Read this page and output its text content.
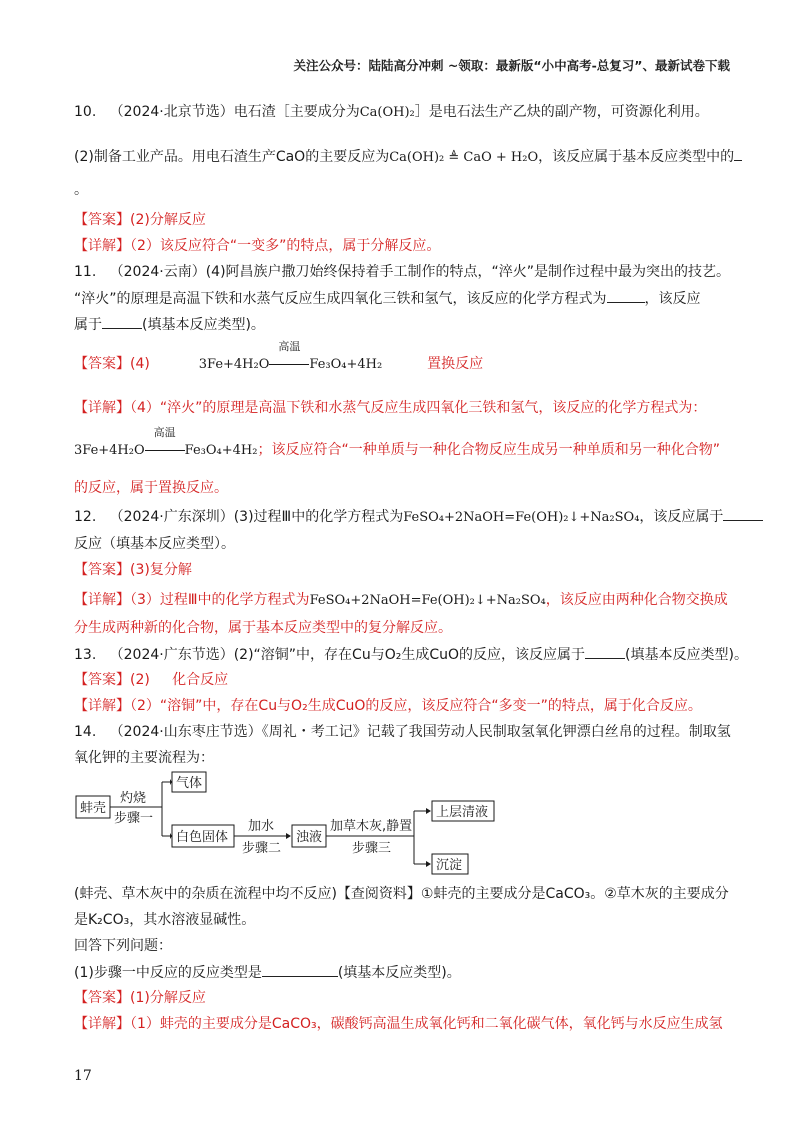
关注公众号：陆陆高分冲刺 ~领取：最新版“小中高考-总复习”、最新试卷下载
10. （2024·北京节选）电石渣［主要成分为Ca(OH)₂］是电石法生产乙炔的副产物，可资源化利用。
(2)制备工业产品。用电石渣生产CaO的主要反应为Ca(OH)₂ ≜ CaO + H₂O，该反应属于基本反应类型中的
。
【答案】(2)分解反应
【详解】（2）该反应符合“一变多”的特点，属于分解反应。
11. （2024·云南）(4)阿昌族户撒刀始终保持着手工制作的特点，“淬火”是制作过程中最为突出的技艺。
“淬火”的原理是高温下铁和水蒸气反应生成四氧化三铁和氢气，该反应的化学方程式为	，该反应
属于	(填基本反应类型)。
【答案】(4)	3Fe+4H₂O
高温
Fe₃O₄+4H₂	置换反应
【详解】（4）“淬火”的原理是高温下铁和水蒸气反应生成四氧化三铁和氢气，该反应的化学方程式为：
3Fe+4H₂O
高温
Fe₃O₄+4H₂；该反应符合“一种单质与一种化合物反应生成另一种单质和另一种化合物”
的反应，属于置换反应。
12. （2024·广东深圳）(3)过程Ⅲ中的化学方程式为FeSO₄+2NaOH=Fe(OH)₂↓+Na₂SO₄，该反应属于
反应（填基本反应类型）。
【答案】(3)复分解
【详解】（3）过程Ⅲ中的化学方程式为FeSO₄+2NaOH=Fe(OH)₂↓+Na₂SO₄，该反应由两种化合物交换成
分生成两种新的化合物，属于基本反应类型中的复分解反应。
13. （2024·广东节选）(2)“溶铜”中，存在Cu与O₂生成CuO的反应，该反应属于	(填基本反应类型)。
【答案】(2) 化合反应
【详解】（2）“溶铜”中，存在Cu与O₂生成CuO的反应，该反应符合“多变一”的特点，属于化合反应。
14. （2024·山东枣庄节选）《周礼・考工记》记载了我国劳动人民制取氢氧化钾漂白丝帛的过程。制取氢
氧化钾的主要流程为：
蚌壳
灼烧
步骤一
气体
白色固体
加水
步骤二
浊液
加草木灰,静置
步骤三
上层清液
沉淀
(蚌壳、草木灰中的杂质在流程中均不反应)【查阅资料】①蚌壳的主要成分是CaCO₃。②草木灰的主要成分
是K₂CO₃，其水溶液显碱性。
回答下列问题：
(1)步骤一中反应的反应类型是	(填基本反应类型)。
【答案】(1)分解反应
【详解】（1）蚌壳的主要成分是CaCO₃，碳酸钙高温生成氧化钙和二氧化碳气体，氧化钙与水反应生成氢
17
